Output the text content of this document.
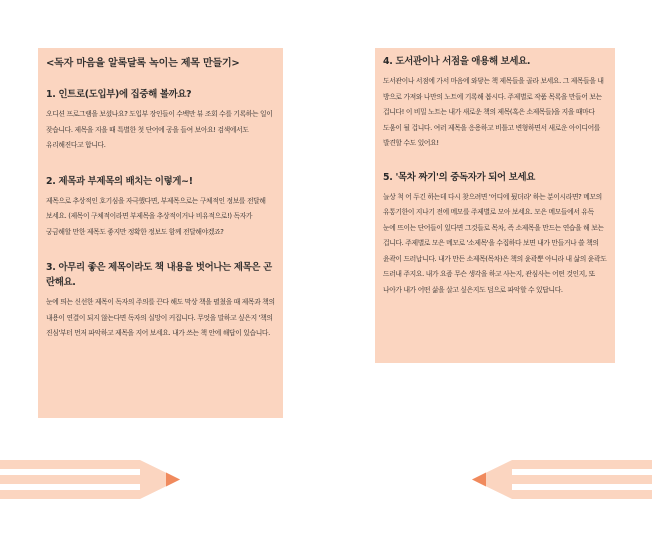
<독자 마음을 알록달록 녹이는 제목 만들기>
1. 인트로(도입부)에 집중해 볼까요?
오디션 프로그램을 보셨나요? 도입부 장인들이 수백만 뷰 조회 수를 기록하는 일이 잦습니다. 제목을 지을 때 특별한 첫 단어에 공을 들여 보아요! 검색에서도 유리해진다고 합니다.
2. 제목과 부제목의 배치는 이렇게~!
제목으로 추상적인 호기심을 자극했다면, 부제목으로는 구체적인 정보를 전달해 보세요. (제목이 구체적이라면 부제목을 추상적이거나 비유적으로!) 독자가 궁금해할 만한 제목도 좋지만 정확한 정보도 함께 전달해야겠죠?
3. 아무리 좋은 제목이라도 책 내용을 벗어나는 제목은 곤란해요.
눈에 띄는 신선한 제목이 독자의 주의를 끈다 해도 막상 책을 펼쳤을 때 제목과 책의 내용이 연결이 되지 않는다면 독자의 실망이 커집니다. 무엇을 말하고 싶은지 '책의 진심'부터 먼저 파악하고 제목을 지어 보세요. 내가 쓰는 책 안에 해답이 있습니다.
4. 도서관이나 서점을 애용해 보세요.
도서관이나 서점에 가서 마음에 와닿는 책 제목들을 골라 보세요. 그 제목들을 내 방으로 가져와 나만의 노트에 기록해 봅시다. 주제별로 작품 목록을 만들어 보는 겁니다! 이 비밀 노트는 내가 새로운 책의 제목(혹은 소제목들)을 지을 때마다 도움이 될 겁니다. 여러 제목을 응용하고 비틀고 변형하면서 새로운 아이디어를 발견할 수도 있어요!
5. '목차 짜기'의 중독자가 되어 보세요
늘상 척 어 두긴 하는데 다시 찾으려면 '어디에 뒀더라' 하는 분이시라면? 메모의 유통기한이 지나기 전에 메모를 주제별로 모아 보세요. 모은 메모들에서 유독 눈에 뜨이는 단어들이 있다면 그것들로 목차, 즉 소제목을 만드는 연습을 해 보는 겁니다. 주제별로 모은 메모로 '소제목'을 수집하다 보면 내가 만들거나 쓸 책의 윤곽이 드러납니다. 내가 만든 소제목(목차)은 책의 윤곽뿐 아니라 내 삶의 윤곽도 드러내 주지요. 내가 요즘 무슨 생각을 하고 사는지, 관심사는 어떤 것인지, 또 나아가 내가 어떤 삶을 살고 싶은지도 덤으로 파악할 수 있답니다.
